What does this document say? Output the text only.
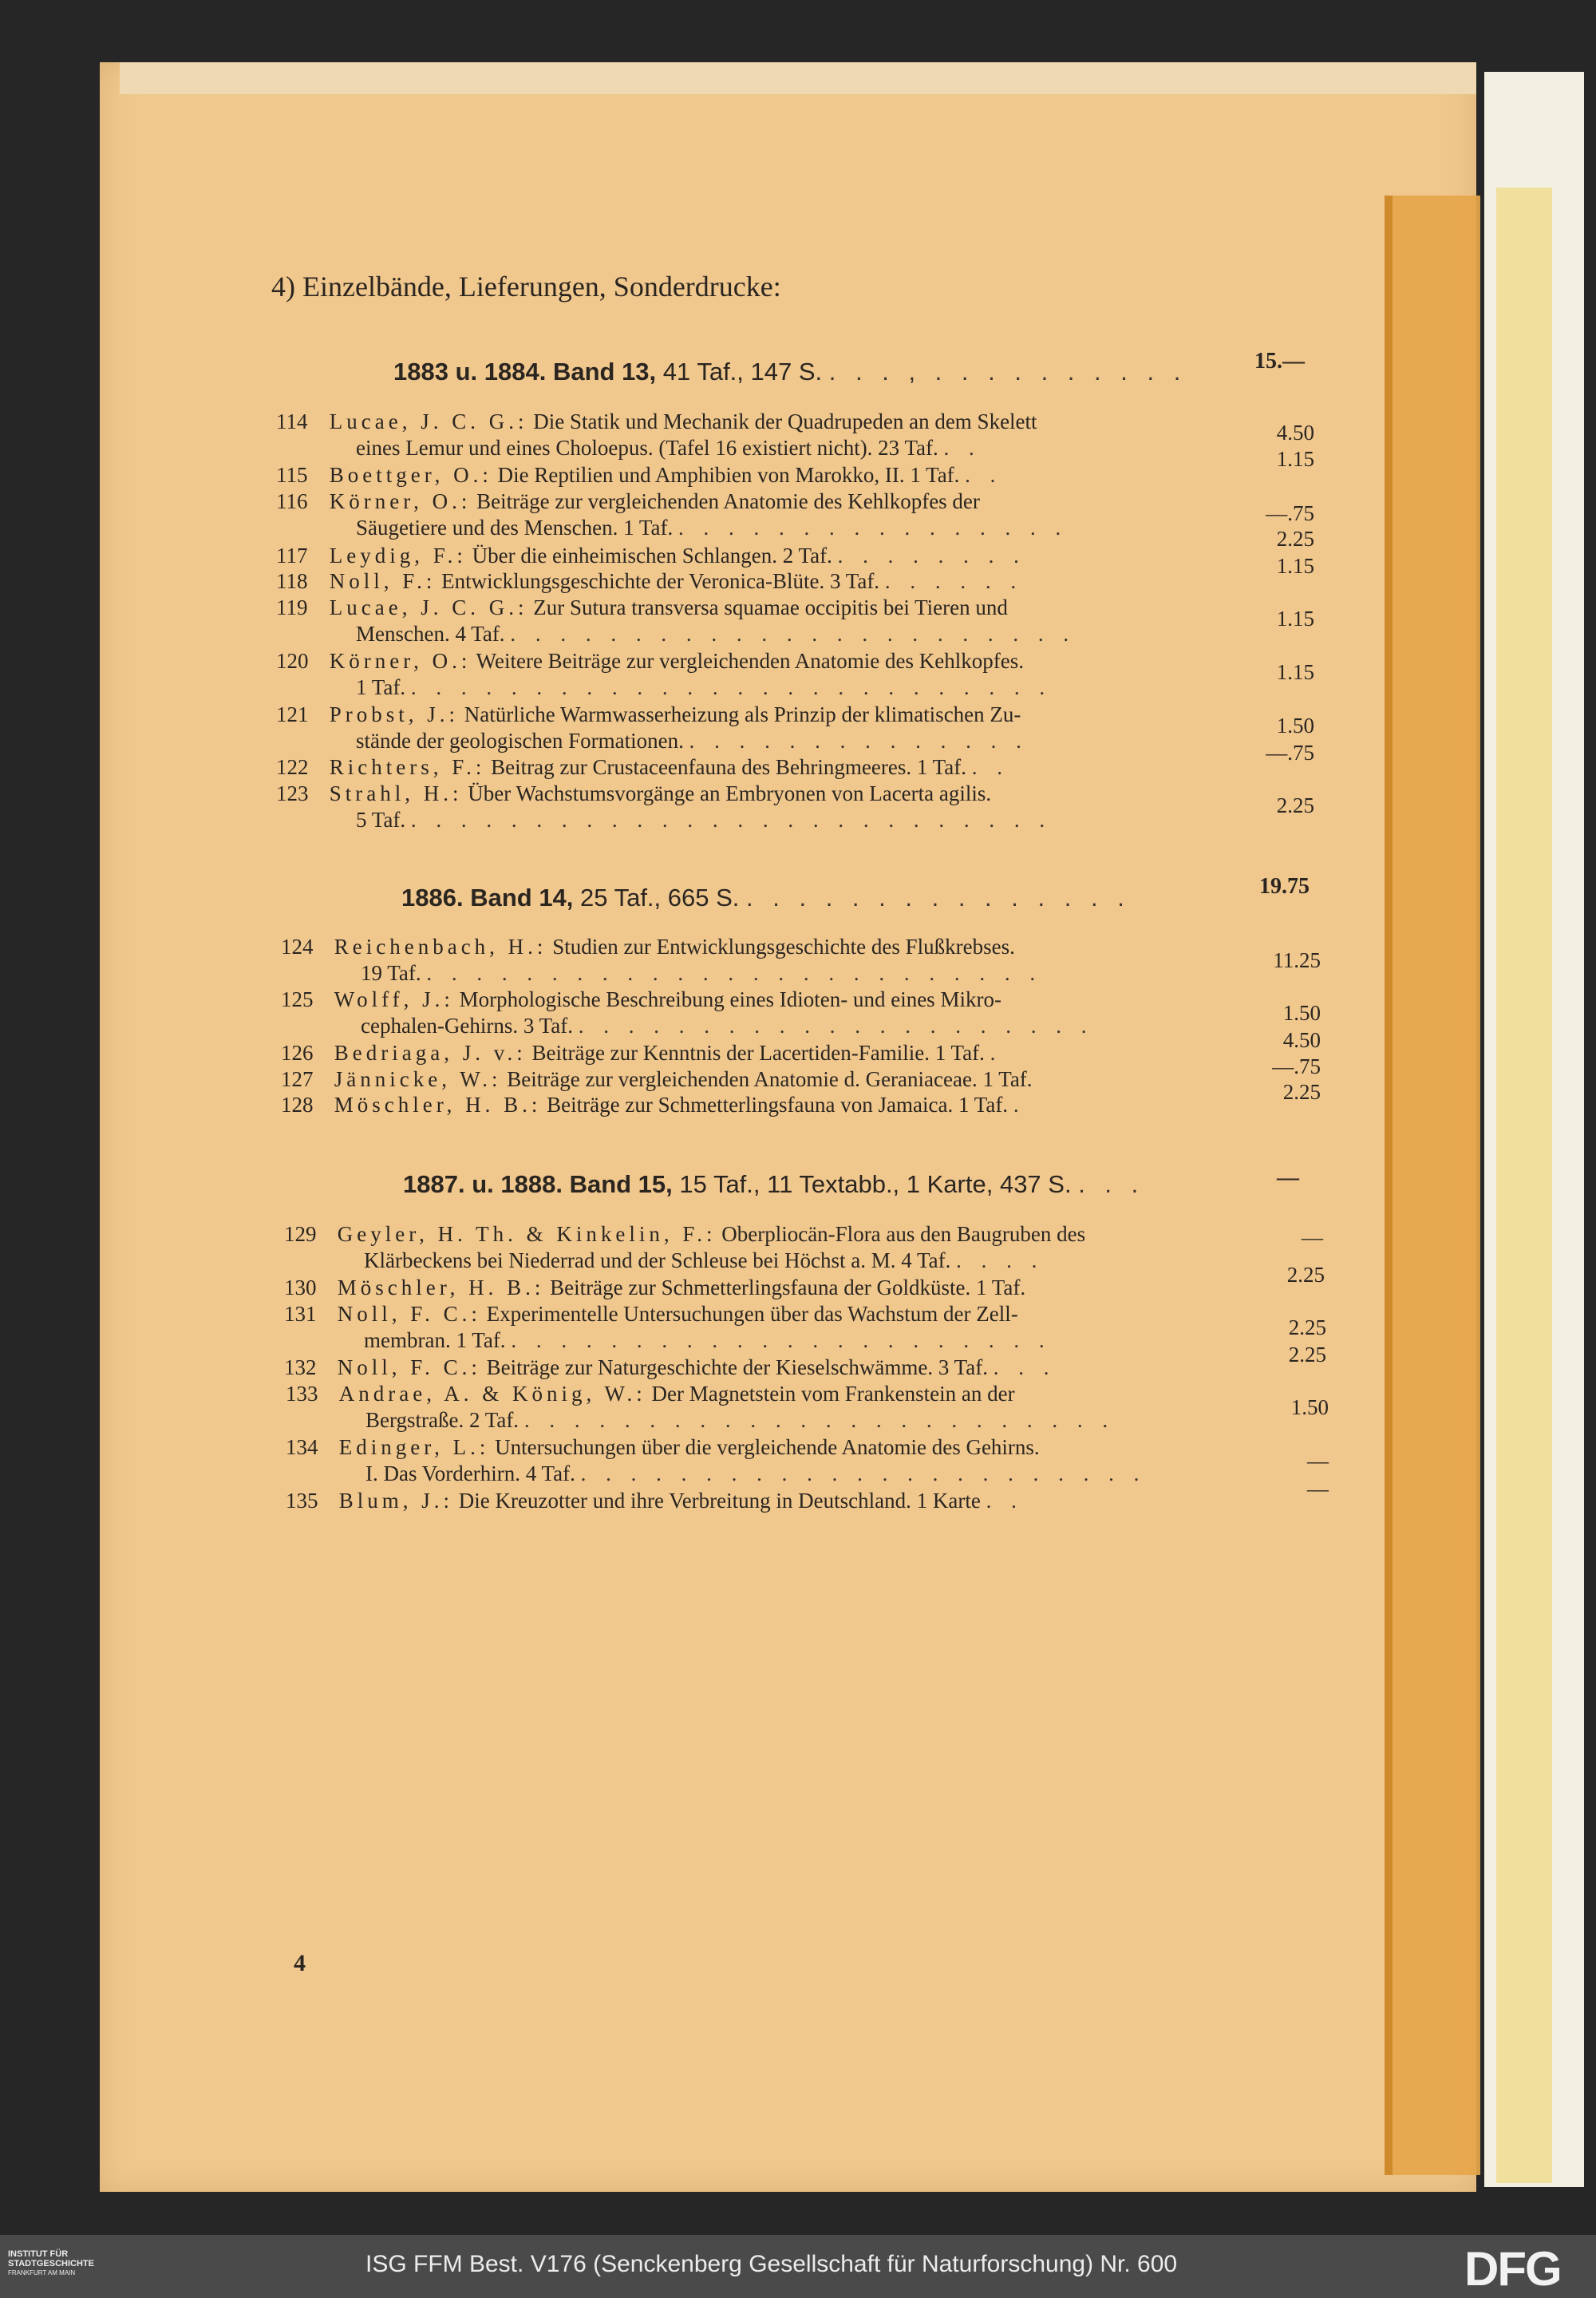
4) Einzelbände, Lieferungen, Sonderdrucke:
1883 u. 1884. Band 13, 41 Taf., 147 S. . . . , . . . . . . . . . .	15.—
114 Lucae, J. C. G.: Die Statik und Mechanik der Quadrupeden an dem Skelett
eines Lemur und eines Choloepus. (Tafel 16 existiert nicht). 23 Taf. . .
4.50
115 Boettger, O.: Die Reptilien und Amphibien von Marokko, II. 1 Taf. . .
1.15
116 Körner, O.: Beiträge zur vergleichenden Anatomie des Kehlkopfes der
Säugetiere und des Menschen. 1 Taf. . . . . . . . . . . . . . . . .
—.75
117 Leydig, F.: Über die einheimischen Schlangen. 2 Taf. . . . . . . . .
2.25
118 Noll, F.: Entwicklungsgeschichte der Veronica-Blüte. 3 Taf. . . . . . .
1.15
119 Lucae, J. C. G.: Zur Sutura transversa squamae occipitis bei Tieren und
Menschen. 4 Taf. . . . . . . . . . . . . . . . . . . . . . . .
1.15
120 Körner, O.: Weitere Beiträge zur vergleichenden Anatomie des Kehlkopfes.
1 Taf. . . . . . . . . . . . . . . . . . . . . . . . . . .
1.15
121 Probst, J.: Natürliche Warmwasserheizung als Prinzip der klimatischen Zu-
stände der geologischen Formationen. . . . . . . . . . . . . . .
1.50
122 Richters, F.: Beitrag zur Crustaceenfauna des Behringmeeres. 1 Taf. . .
—.75
123 Strahl, H.: Über Wachstumsvorgänge an Embryonen von Lacerta agilis.
5 Taf. . . . . . . . . . . . . . . . . . . . . . . . . . .
2.25
1886. Band 14, 25 Taf., 665 S. . . . . . . . . . . . . . . .	19.75
124 Reichenbach, H.: Studien zur Entwicklungsgeschichte des Flußkrebses.
19 Taf. . . . . . . . . . . . . . . . . . . . . . . . . .
11.25
125 Wolff, J.: Morphologische Beschreibung eines Idioten- und eines Mikro-
cephalen-Gehirns. 3 Taf. . . . . . . . . . . . . . . . . . . . . .
1.50
126 Bedriaga, J. v.: Beiträge zur Kenntnis der Lacertiden-Familie. 1 Taf. .
4.50
127 Jännicke, W.: Beiträge zur vergleichenden Anatomie d. Geraniaceae. 1 Taf.
—.75
128 Möschler, H. B.: Beiträge zur Schmetterlingsfauna von Jamaica. 1 Taf. .
2.25
1887. u. 1888. Band 15, 15 Taf., 11 Textabb., 1 Karte, 437 S. . . .	—
129 Geyler, H. Th. & Kinkelin, F.: Oberpliocän-Flora aus den Baugruben des
Klärbeckens bei Niederrad und der Schleuse bei Höchst a. M. 4 Taf. . . . .
—
130 Möschler, H. B.: Beiträge zur Schmetterlingsfauna der Goldküste. 1 Taf.
2.25
131 Noll, F. C.: Experimentelle Untersuchungen über das Wachstum der Zell-
membran. 1 Taf. . . . . . . . . . . . . . . . . . . . . . .
2.25
132 Noll, F. C.: Beiträge zur Naturgeschichte der Kieselschwämme. 3 Taf. . . .
2.25
133 Andrae, A. & König, W.: Der Magnetstein vom Frankenstein an der
Bergstraße. 2 Taf. . . . . . . . . . . . . . . . . . . . . . . . .
1.50
134 Edinger, L.: Untersuchungen über die vergleichende Anatomie des Gehirns.
I. Das Vorderhirn. 4 Taf. . . . . . . . . . . . . . . . . . . . . . . .
—
135 Blum, J.: Die Kreuzotter und ihre Verbreitung in Deutschland. 1 Karte . .	—
4
INSTITUT FÜR
STADTGESCHICHTE
FRANKFURT AM MAIN	ISG FFM Best. V176 (Senckenberg Gesellschaft für Naturforschung) Nr. 600	DFG
